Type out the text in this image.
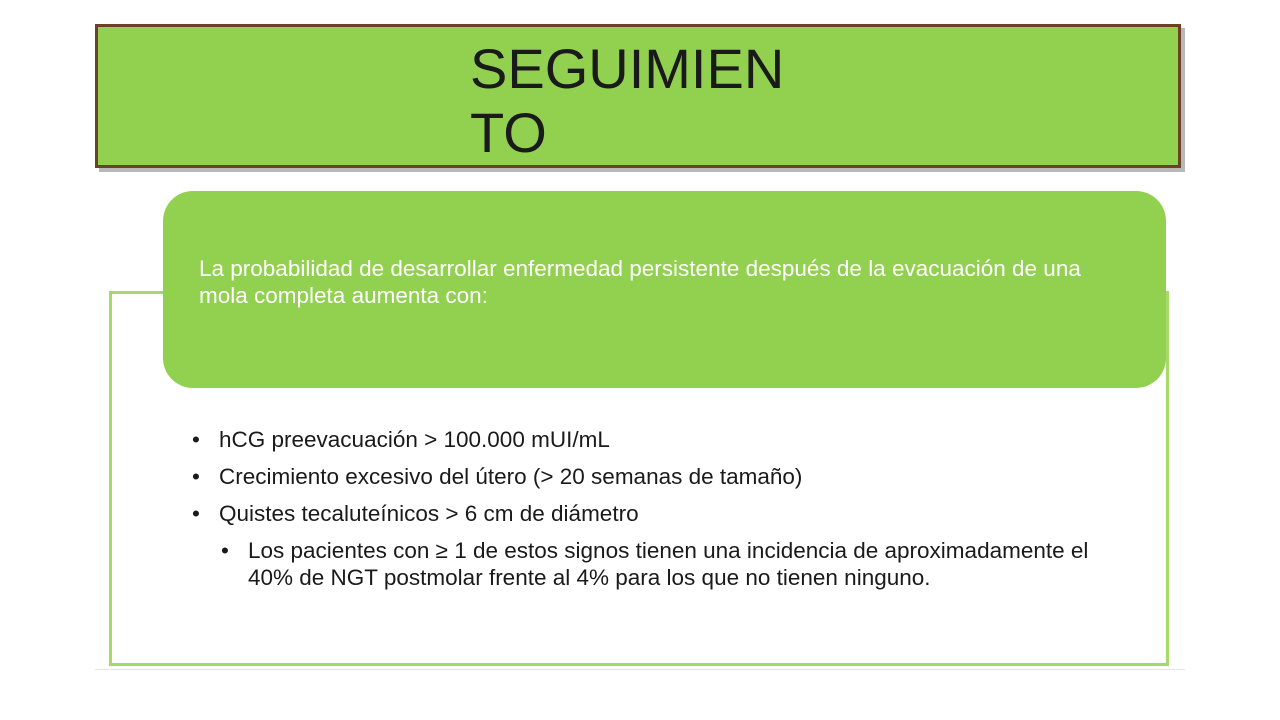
SEGUIMIEN
TO

La probabilidad de desarrollar enfermedad persistente después de la evacuación de una mola completa aumenta con:

• hCG preevacuación > 100.000 mUI/mL
• Crecimiento excesivo del útero (> 20 semanas de tamaño)
• Quistes tecaluteínicos > 6 cm de diámetro
• Los pacientes con ≥ 1 de estos signos tienen una incidencia de aproximadamente el 40% de NGT postmolar frente al 4% para los que no tienen ninguno.
